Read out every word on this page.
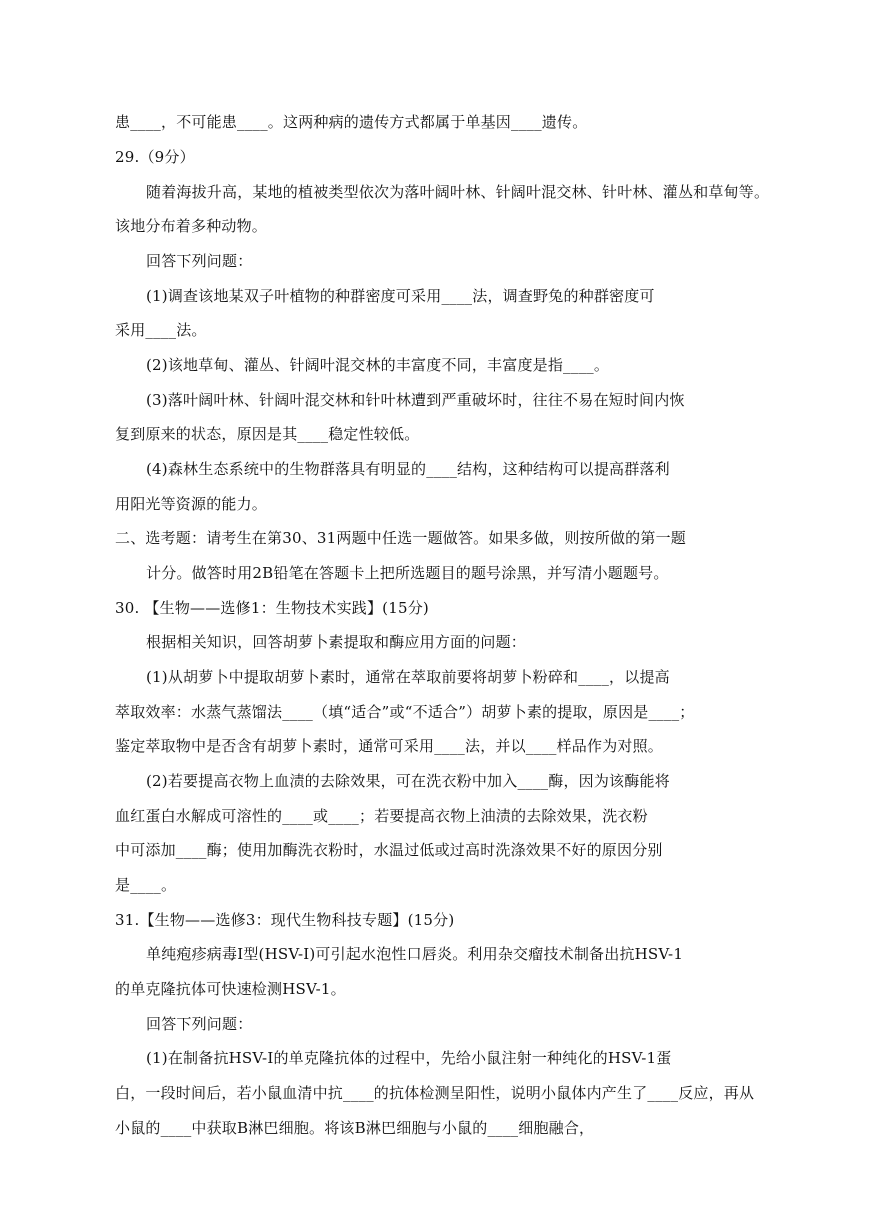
患____，不可能患____。这两种病的遗传方式都属于单基因____遗传。
29.（9分）
随着海拔升高，某地的植被类型依次为落叶阔叶林、针阔叶混交林、针叶林、灌丛和草甸等。
该地分布着多种动物。
回答下列问题：
(1)调查该地某双子叶植物的种群密度可采用____法，调查野兔的种群密度可
采用____法。
(2)该地草甸、灌丛、针阔叶混交林的丰富度不同，丰富度是指____。
(3)落叶阔叶林、针阔叶混交林和针叶林遭到严重破坏时，往往不易在短时间内恢
复到原来的状态，原因是其____稳定性较低。
(4)森林生态系统中的生物群落具有明显的____结构，这种结构可以提高群落利
用阳光等资源的能力。
二、选考题：请考生在第30、31两题中任选一题做答。如果多做，则按所做的第一题
计分。做答时用2B铅笔在答题卡上把所选题目的题号涂黑，并写清小题题号。
30. 【生物——选修1：生物技术实践】(15分)
根据相关知识，回答胡萝卜素提取和酶应用方面的问题：
(1)从胡萝卜中提取胡萝卜素时，通常在萃取前要将胡萝卜粉碎和____，以提高
萃取效率：水蒸气蒸馏法____（填“适合”或“不适合”）胡萝卜素的提取，原因是____；
鉴定萃取物中是否含有胡萝卜素时，通常可采用____法，并以____样品作为对照。
(2)若要提高衣物上血渍的去除效果，可在洗衣粉中加入____酶，因为该酶能将
血红蛋白水解成可溶性的____或____；若要提高衣物上油渍的去除效果，洗衣粉
中可添加____酶；使用加酶洗衣粉时，水温过低或过高时洗涤效果不好的原因分别
是____。
31.【生物——选修3：现代生物科技专题】(15分)
单纯疱疹病毒Ⅰ型(HSV-I)可引起水泡性口唇炎。利用杂交瘤技术制备出抗HSV-1
的单克隆抗体可快速检测HSV-1。
回答下列问题：
(1)在制备抗HSV-I的单克隆抗体的过程中，先给小鼠注射一种纯化的HSV-1蛋
白，一段时间后，若小鼠血清中抗____的抗体检测呈阳性，说明小鼠体内产生了____反应，再从
小鼠的____中获取B淋巴细胞。将该B淋巴细胞与小鼠的____细胞融合，
